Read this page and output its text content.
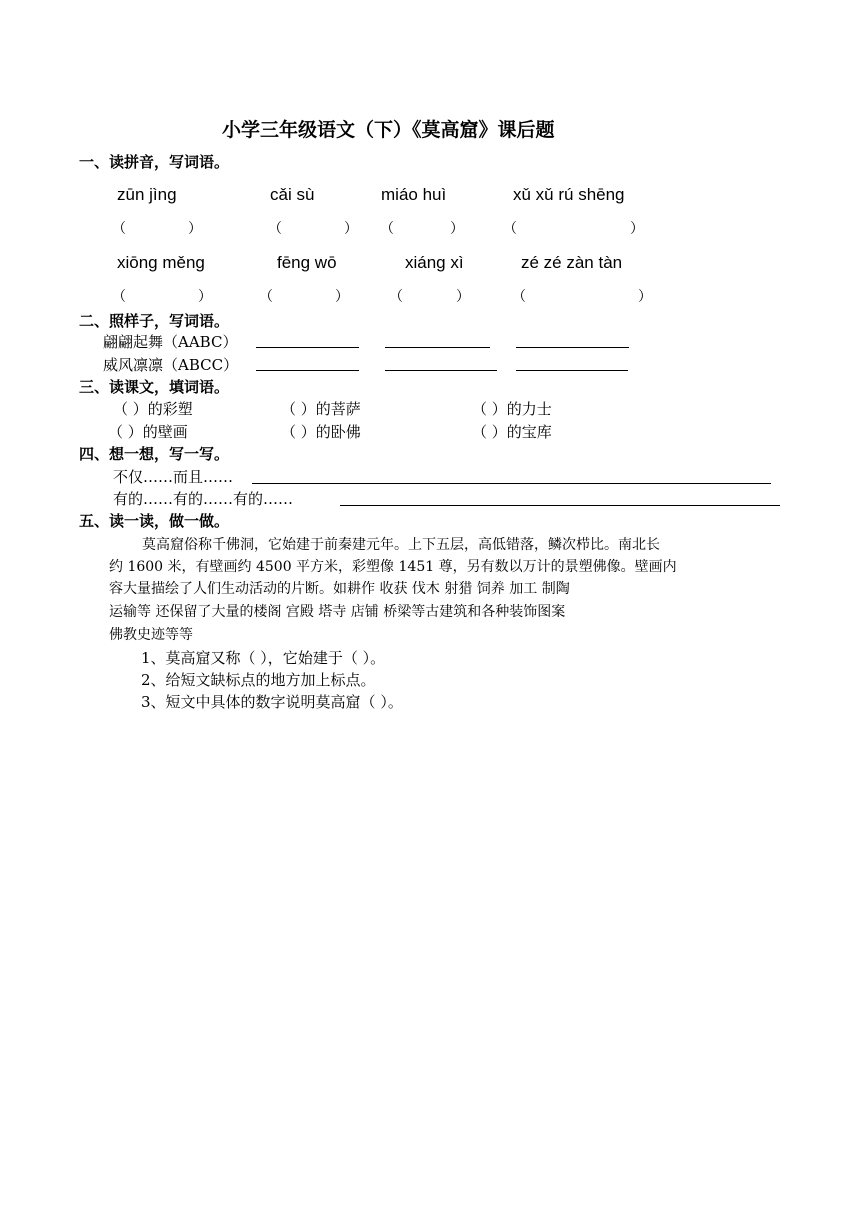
小学三年级语文（下）《莫高窟》课后题
一、读拼音，写词语。
zūn jìng	cǎi sù	miáo huì	xǔ xǔ rú shēng
（	）	（	） （	）	（	）
xiōng měng	fēng wō	xiáng xì	zé zé zàn tàn
（	）	（	）	（	）	（	）
二、照样子，写词语。
翩翩起舞（AABC）
威风凛凛（ABCC）
三、读课文，填词语。
（ ）的彩塑	（ ）的菩萨	（ ）的力士
（ ）的壁画	（ ）的卧佛	（ ）的宝库
四、想一想，写一写。
不仅……而且……
有的……有的……有的……
五、读一读，做一做。
莫高窟俗称千佛洞，它始建于前秦建元年。上下五层，高低错落，鳞次栉比。南北长
约 1600 米，有壁画约 4500 平方米，彩塑像 1451 尊，另有数以万计的景塑佛像。壁画内
容大量描绘了人们生动活动的片断。如耕作 收获 伐木 射猎 饲养 加工 制陶
运输等 还保留了大量的楼阁 宫殿 塔寺 店铺 桥梁等古建筑和各种装饰图案
佛教史迹等等
1、莫高窟又称（ ），它始建于（ ）。
2、给短文缺标点的地方加上标点。
3、短文中具体的数字说明莫高窟（ ）。
